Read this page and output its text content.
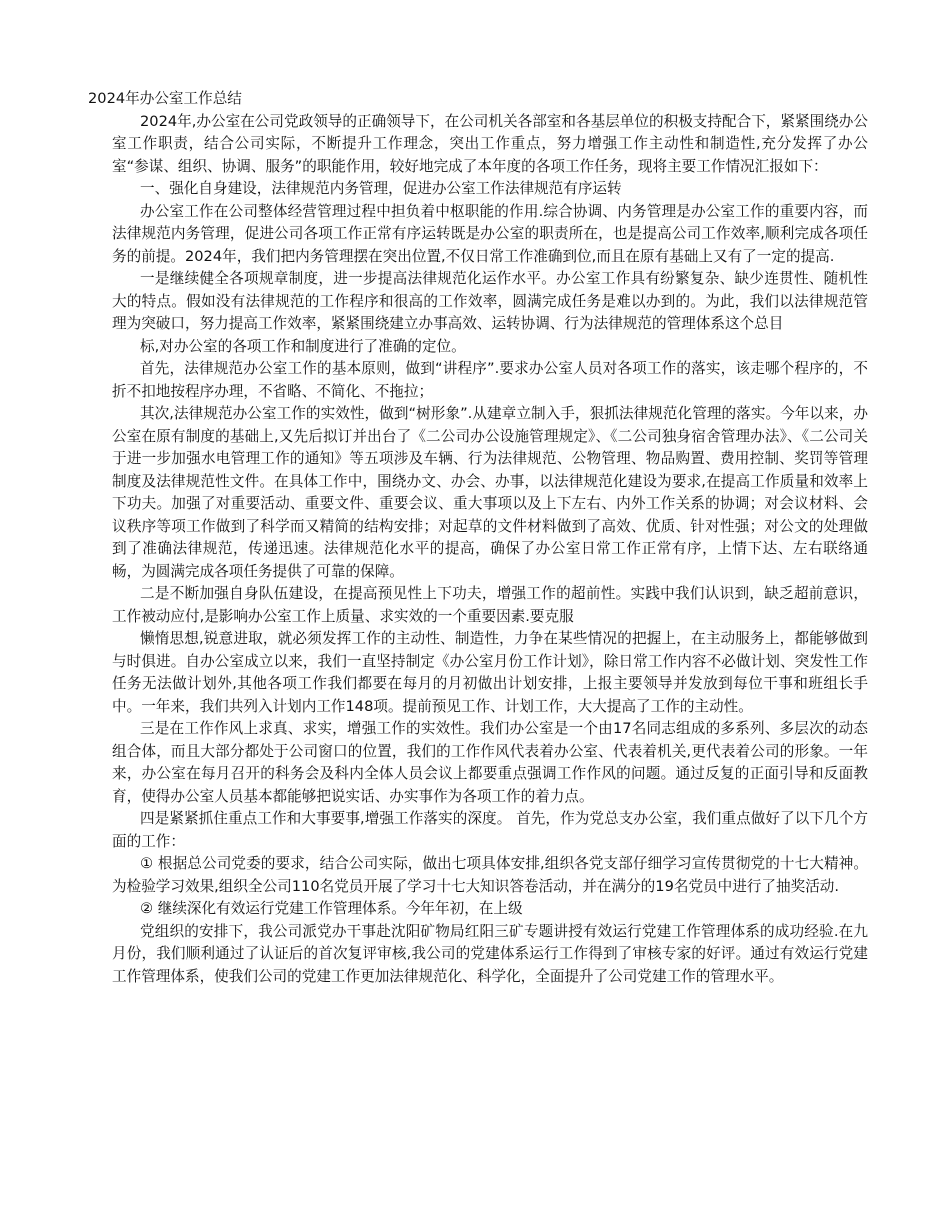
2024年办公室工作总结

2024年,办公室在公司党政领导的正确领导下，在公司机关各部室和各基层单位的积极支持配合下，紧紧围绕办公室工作职责，结合公司实际，不断提升工作理念，突出工作重点，努力增强工作主动性和制造性,充分发挥了办公室“参谋、组织、协调、服务”的职能作用，较好地完成了本年度的各项工作任务，现将主要工作情况汇报如下：

一、强化自身建设，法律规范内务管理，促进办公室工作法律规范有序运转

办公室工作在公司整体经营管理过程中担负着中枢职能的作用.综合协调、内务管理是办公室工作的重要内容，而法律规范内务管理，促进公司各项工作正常有序运转既是办公室的职责所在，也是提高公司工作效率,顺利完成各项任务的前提。2024年，我们把内务管理摆在突出位置,不仅日常工作准确到位,而且在原有基础上又有了一定的提高.

一是继续健全各项规章制度，进一步提高法律规范化运作水平。办公室工作具有纷繁复杂、缺少连贯性、随机性大的特点。假如没有法律规范的工作程序和很高的工作效率，圆满完成任务是难以办到的。为此，我们以法律规范管理为突破口，努力提高工作效率，紧紧围绕建立办事高效、运转协调、行为法律规范的管理体系这个总目

标,对办公室的各项工作和制度进行了准确的定位。

首先，法律规范办公室工作的基本原则，做到“讲程序”.要求办公室人员对各项工作的落实，该走哪个程序的，不折不扣地按程序办理，不省略、不简化、不拖拉；

其次,法律规范办公室工作的实效性，做到“树形象”.从建章立制入手，狠抓法律规范化管理的落实。今年以来，办公室在原有制度的基础上,又先后拟订并出台了《二公司办公设施管理规定》、《二公司独身宿舍管理办法》、《二公司关于进一步加强水电管理工作的通知》等五项涉及车辆、行为法律规范、公物管理、物品购置、费用控制、奖罚等管理制度及法律规范性文件。在具体工作中，围绕办文、办会、办事，以法律规范化建设为要求,在提高工作质量和效率上下功夫。加强了对重要活动、重要文件、重要会议、重大事项以及上下左右、内外工作关系的协调；对会议材料、会议秩序等项工作做到了科学而又精简的结构安排；对起草的文件材料做到了高效、优质、针对性强；对公文的处理做到了准确法律规范，传递迅速。法律规范化水平的提高，确保了办公室日常工作正常有序，上情下达、左右联络通畅，为圆满完成各项任务提供了可靠的保障。

二是不断加强自身队伍建设，在提高预见性上下功夫，增强工作的超前性。实践中我们认识到，缺乏超前意识，工作被动应付,是影响办公室工作上质量、求实效的一个重要因素.要克服

懒惰思想,锐意进取，就必须发挥工作的主动性、制造性，力争在某些情况的把握上，在主动服务上，都能够做到与时俱进。自办公室成立以来，我们一直坚持制定《办公室月份工作计划》，除日常工作内容不必做计划、突发性工作任务无法做计划外,其他各项工作我们都要在每月的月初做出计划安排，上报主要领导并发放到每位干事和班组长手中。一年来，我们共列入计划内工作148项。提前预见工作、计划工作，大大提高了工作的主动性。

三是在工作作风上求真、求实，增强工作的实效性。我们办公室是一个由17名同志组成的多系列、多层次的动态组合体，而且大部分都处于公司窗口的位置，我们的工作作风代表着办公室、代表着机关,更代表着公司的形象。一年来，办公室在每月召开的科务会及科内全体人员会议上都要重点强调工作作风的问题。通过反复的正面引导和反面教育，使得办公室人员基本都能够把说实话、办实事作为各项工作的着力点。

四是紧紧抓住重点工作和大事要事,增强工作落实的深度。 首先，作为党总支办公室，我们重点做好了以下几个方面的工作：

① 根据总公司党委的要求，结合公司实际，做出七项具体安排,组织各党支部仔细学习宣传贯彻党的十七大精神。为检验学习效果,组织全公司110名党员开展了学习十七大知识答卷活动，并在满分的19名党员中进行了抽奖活动.

② 继续深化有效运行党建工作管理体系。今年年初，在上级

党组织的安排下，我公司派党办干事赴沈阳矿物局红阳三矿专题讲授有效运行党建工作管理体系的成功经验.在九月份，我们顺利通过了认证后的首次复评审核,我公司的党建体系运行工作得到了审核专家的好评。通过有效运行党建工作管理体系，使我们公司的党建工作更加法律规范化、科学化，全面提升了公司党建工作的管理水平。
